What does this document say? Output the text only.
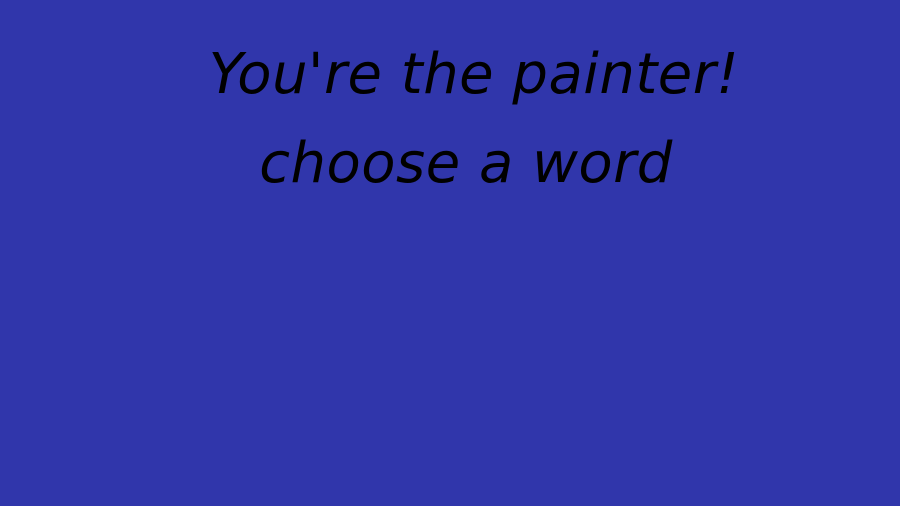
You're the painter!
choose a word
